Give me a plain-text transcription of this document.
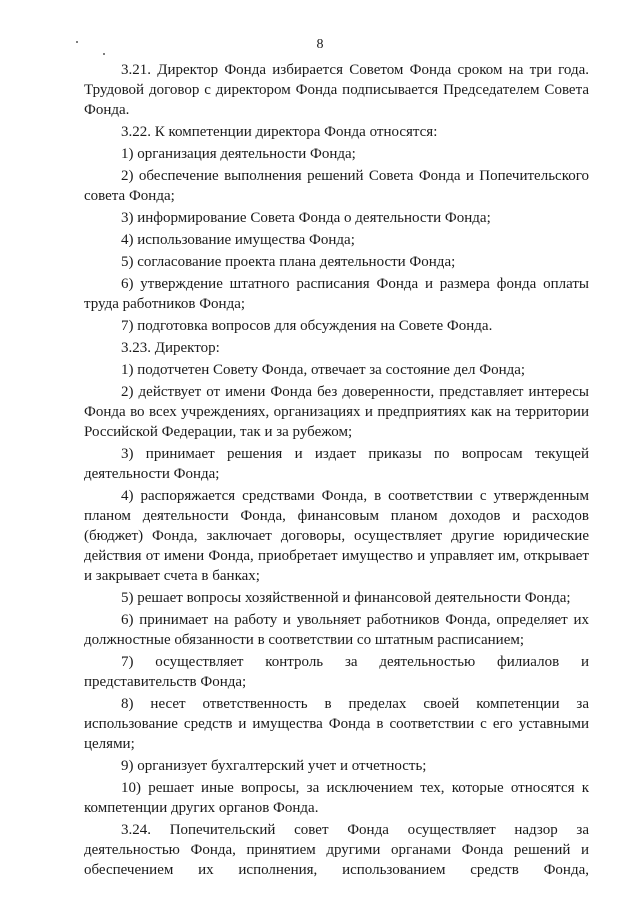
8

3.21. Директор Фонда избирается Советом Фонда сроком на три года. Трудовой договор с директором Фонда подписывается Председателем Совета Фонда.

3.22. К компетенции директора Фонда относятся:

1) организация деятельности Фонда;

2) обеспечение выполнения решений Совета Фонда и Попечительского совета Фонда;

3) информирование Совета Фонда о деятельности Фонда;

4) использование имущества Фонда;

5) согласование проекта плана деятельности Фонда;

6) утверждение штатного расписания Фонда и размера фонда оплаты труда работников Фонда;

7) подготовка вопросов для обсуждения на Совете Фонда.

3.23. Директор:

1) подотчетен Совету Фонда, отвечает за состояние дел Фонда;

2) действует от имени Фонда без доверенности, представляет интересы Фонда во всех учреждениях, организациях и предприятиях как на территории Российской Федерации, так и за рубежом;

3) принимает решения и издает приказы по вопросам текущей деятельности Фонда;

4) распоряжается средствами Фонда, в соответствии с утвержденным планом деятельности Фонда, финансовым планом доходов и расходов (бюджет) Фонда, заключает договоры, осуществляет другие юридические действия от имени Фонда, приобретает имущество и управляет им, открывает и закрывает счета в банках;

5) решает вопросы хозяйственной и финансовой деятельности Фонда;

6) принимает на работу и увольняет работников Фонда, определяет их должностные обязанности в соответствии со штатным расписанием;

7) осуществляет контроль за деятельностью филиалов и представительств Фонда;

8) несет ответственность в пределах своей компетенции за использование средств и имущества Фонда в соответствии с его уставными целями;

9) организует бухгалтерский учет и отчетность;

10) решает иные вопросы, за исключением тех, которые относятся к компетенции других органов Фонда.

3.24. Попечительский совет Фонда осуществляет надзор за деятельностью Фонда, принятием другими органами Фонда решений и обеспечением их исполнения, использованием средств Фонда,
